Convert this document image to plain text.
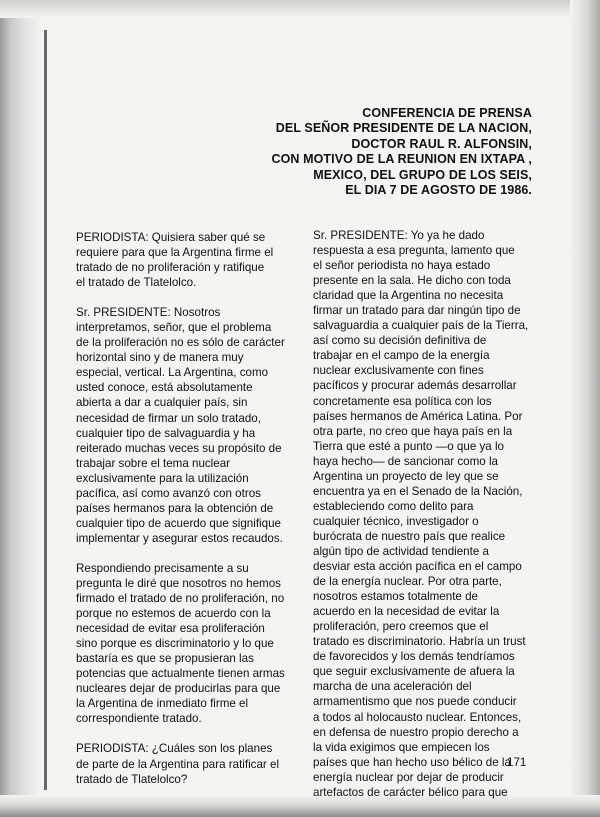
CONFERENCIA DE PRENSA
DEL SEÑOR PRESIDENTE DE LA NACION,
DOCTOR RAUL R. ALFONSIN,
CON MOTIVO DE LA REUNION EN IXTAPA ,
MEXICO, DEL GRUPO DE LOS SEIS,
EL DIA 7 DE AGOSTO DE 1986.
PERIODISTA: Quisiera saber qué se
requiere para que la Argentina firme el
tratado de no proliferación y ratifique
el tratado de Tlatelolco.
Sr. PRESIDENTE: Nosotros
interpretamos, señor, que el problema
de la proliferación no es sólo de carácter
horizontal sino y de manera muy
especial, vertical. La Argentina, como
usted conoce, está absolutamente
abierta a dar a cualquier país, sin
necesidad de firmar un solo tratado,
cualquier tipo de salvaguardia y ha
reiterado muchas veces su propósito de
trabajar sobre el tema nuclear
exclusivamente para la utilización
pacífica, así como avanzó con otros
países hermanos para la obtención de
cualquier tipo de acuerdo que signifique
implementar y asegurar estos recaudos.
Respondiendo precisamente a su
pregunta le diré que nosotros no hemos
firmado el tratado de no proliferación, no
porque no estemos de acuerdo con la
necesidad de evitar esa proliferación
sino porque es discriminatorio y lo que
bastaría es que se propusieran las
potencias que actualmente tienen armas
nucleares dejar de producirlas para que
la Argentina de inmediato firme el
correspondiente tratado.
PERIODISTA: ¿Cuáles son los planes
de parte de la Argentina para ratificar el
tratado de Tlatelolco?
Sr. PRESIDENTE: Yo ya he dado
respuesta a esa pregunta, lamento que
el señor periodista no haya estado
presente en la sala. He dicho con toda
claridad que la Argentina no necesita
firmar un tratado para dar ningún tipo de
salvaguardia a cualquier país de la Tierra,
así como su decisión definitiva de
trabajar en el campo de la energía
nuclear exclusivamente con fines
pacíficos y procurar además desarrollar
concretamente esa política con los
países hermanos de América Latina. Por
otra parte, no creo que haya país en la
Tierra que esté a punto —o que ya lo
haya hecho— de sancionar como la
Argentina un proyecto de ley que se
encuentra ya en el Senado de la Nación,
estableciendo como delito para
cualquier técnico, investigador o
burócrata de nuestro país que realice
algún tipo de actividad tendiente a
desviar esta acción pacífica en el campo
de la energía nuclear. Por otra parte,
nosotros estamos totalmente de
acuerdo en la necesidad de evitar la
proliferación, pero creemos que el
tratado es discriminatorio. Habría un trust
de favorecidos y los demás tendríamos
que seguir exclusivamente de afuera la
marcha de una aceleración del
armamentismo que nos puede conducir
a todos al holocausto nuclear. Entonces,
en defensa de nuestro propio derecho a
la vida exigimos que empiecen los
países que han hecho uso bélico de la
energía nuclear por dejar de producir
artefactos de carácter bélico para que
171
